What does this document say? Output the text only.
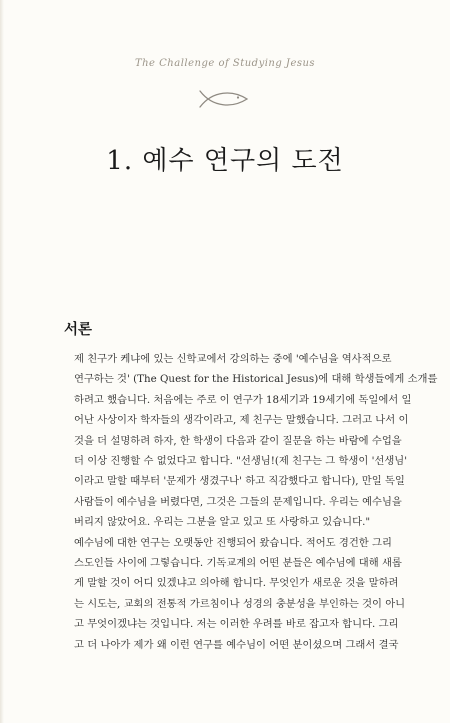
The Challenge of Studying Jesus
1. 예수 연구의 도전
서론

제 친구가 케냐에 있는 신학교에서 강의하는 중에 '예수님을 역사적으로
연구하는 것' (The Quest for the Historical Jesus)에 대해 학생들에게 소개를
하려고 했습니다. 처음에는 주로 이 연구가 18세기과 19세기에 독일에서 일
어난 사상이자 학자들의 생각이라고, 제 친구는 말했습니다. 그러고 나서 이
것을 더 설명하려 하자, 한 학생이 다음과 같이 질문을 하는 바람에 수업을
더 이상 진행할 수 없었다고 합니다. "선생님!(제 친구는 그 학생이 '선생님'
이라고 말할 때부터 '문제가 생겼구나' 하고 직감했다고 합니다), 만일 독일
사람들이 예수님을 버렸다면, 그것은 그들의 문제입니다. 우리는 예수님을
버리지 않았어요. 우리는 그분을 알고 있고 또 사랑하고 있습니다."

예수님에 대한 연구는 오랫동안 진행되어 왔습니다. 적어도 경건한 그리
스도인들 사이에 그렇습니다. 기독교계의 어떤 분들은 예수님에 대해 새롭
게 말할 것이 어디 있겠냐고 의아해 합니다. 무엇인가 새로운 것을 말하려
는 시도는, 교회의 전통적 가르침이나 성경의 충분성을 부인하는 것이 아니
고 무엇이겠냐는 것입니다. 저는 이러한 우려를 바로 잡고자 합니다. 그리
고 더 나아가 제가 왜 이런 연구를 예수님이 어떤 분이셨으며 그래서 결국
